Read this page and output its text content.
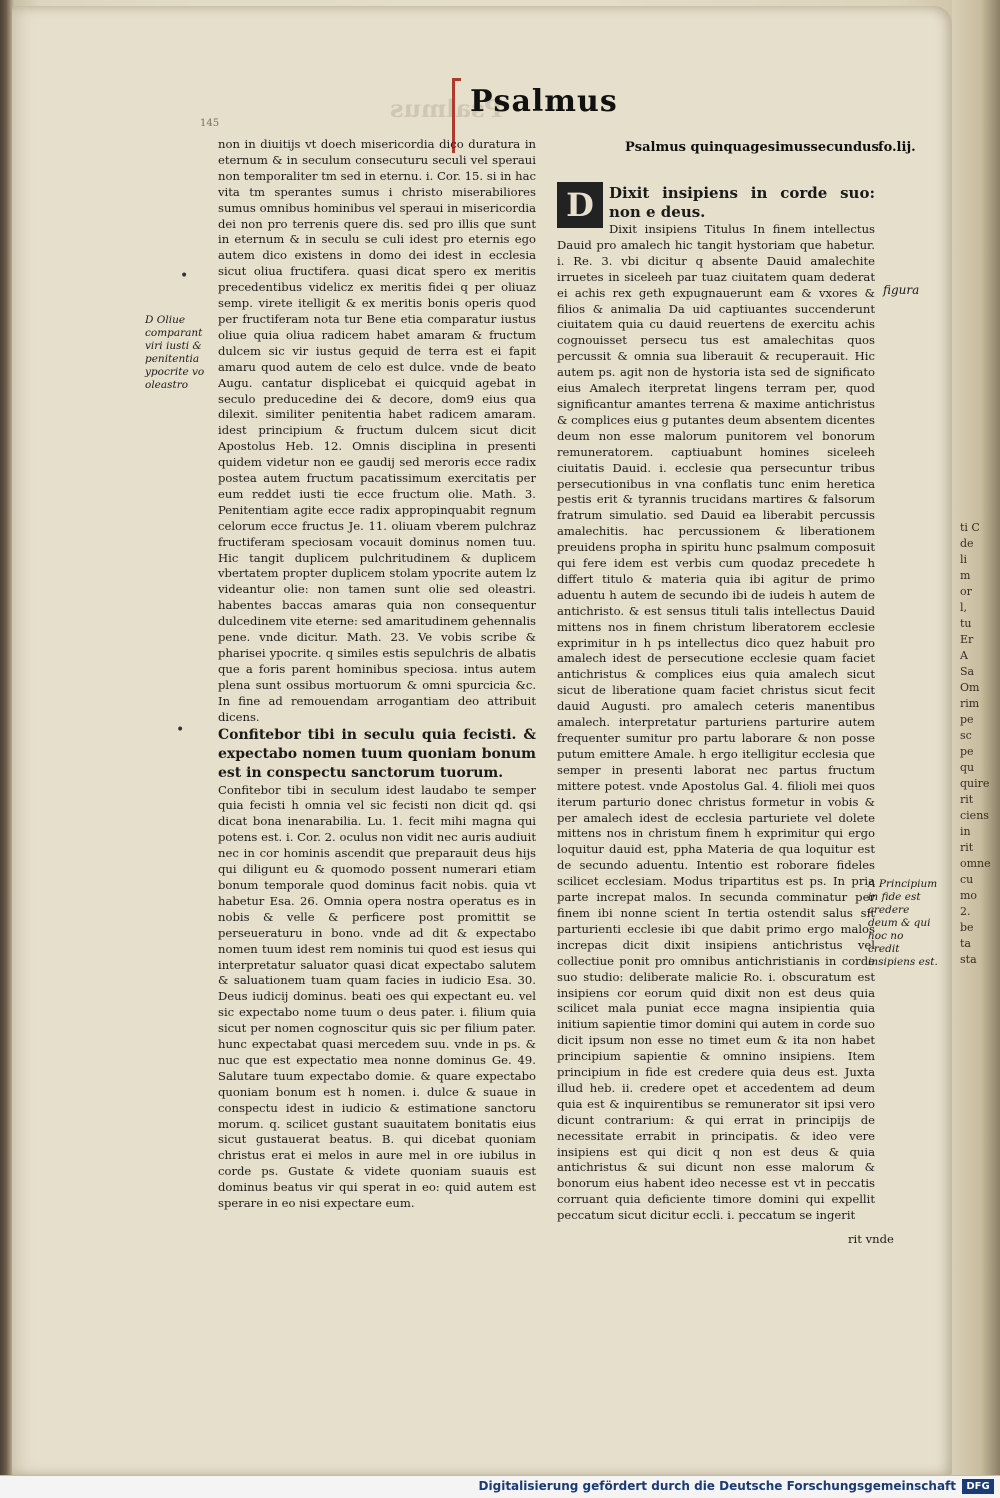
Psalmus
Psalmus
145
Psalmus quinquagesimussecundus fo.lij.

non in diuitijs vt doech misericordia dico duratura in eternum & in seculum consecuturu seculi vel speraui non temporaliter tm sed in eternu. i. Cor. 15. si in hac vita tm sperantes sumus i christo miserabiliores sumus omnibus hominibus vel speraui in misericordia dei non pro terrenis quere dis. sed pro illis que sunt in eternum & in seculu se culi idest pro eternis ego autem dico existens in domo dei idest in ecclesia sicut oliua fructifera. quasi dicat spero ex meritis precedentibus videlicz ex meritis fidei q per oliuaz semp. virete itelligit & ex meritis bonis operis quod per fructiferam nota tur Bene etia comparatur iustus oliue quia oliua radicem habet amaram & fructum dulcem sic vir iustus gequid de terra est ei fapit amaru quod autem de celo est dulce. vnde de beato Augu. cantatur displicebat ei quicquid agebat in seculo preducedine dei & decore, dom9 eius qua dilexit. similiter penitentia habet radicem amaram. idest principium & fructum dulcem sicut dicit Apostolus Heb. 12. Omnis disciplina in presenti quidem videtur non ee gaudij sed meroris ecce radix postea autem fructum pacatissimum exercitatis per eum reddet iusti tie ecce fructum olie. Math. 3. Penitentiam agite ecce radix appropinquabit regnum celorum ecce fructus Je. 11. oliuam vberem pulchraz fructiferam speciosam vocauit dominus nomen tuu. Hic tangit duplicem pulchritudinem & duplicem vbertatem propter duplicem stolam ypocrite autem lz videantur olie: non tamen sunt olie sed oleastri. habentes baccas amaras quia non consequentur dulcedinem vite eterne: sed amaritudinem gehennalis pene. vnde dicitur. Math. 23. Ve vobis scribe & pharisei ypocrite. q similes estis sepulchris de albatis que a foris parent hominibus speciosa. intus autem plena sunt ossibus mortuorum & omni spurcicia &c. In fine ad remouendam arrogantiam deo attribuit dicens.

Confitebor tibi in seculu quia fecisti. & expectabo nomen tuum quoniam bonum est in conspectu sanctorum tuorum.

Confitebor tibi in seculum idest laudabo te semper quia fecisti h omnia vel sic fecisti non dicit qd. qsi dicat bona inenarabilia. Lu. 1. fecit mihi magna qui potens est. i. Cor. 2. oculus non vidit nec auris audiuit nec in cor hominis ascendit que preparauit deus hijs qui diligunt eu & quomodo possent numerari etiam bonum temporale quod dominus facit nobis. quia vt habetur Esa. 26. Omnia opera nostra operatus es in nobis & velle & perficere post promittit se perseueraturu in bono. vnde ad dit & expectabo nomen tuum idest rem nominis tui quod est iesus qui interpretatur saluator quasi dicat expectabo salutem & saluationem tuam quam facies in iudicio Esa. 30. Deus iudicij dominus. beati oes qui expectant eu. vel sic expectabo nome tuum o deus pater. i. filium quia sicut per nomen cognoscitur quis sic per filium pater. hunc expectabat quasi mercedem suu. vnde in ps. & nuc que est expectatio mea nonne dominus Ge. 49. Salutare tuum expectabo domie. & quare expectabo quoniam bonum est h nomen. i. dulce & suaue in conspectu idest in iudicio & estimatione sanctoru morum. q. scilicet gustant suauitatem bonitatis eius sicut gustauerat beatus. B. qui dicebat quoniam christus erat ei melos in aure mel in ore iubilus in corde ps. Gustate & videte quoniam suauis est dominus beatus vir qui sperat in eo: quid autem est sperare in eo nisi expectare eum.

D	Dixit insipiens in corde suo: non e deus.

Dixit insipiens Titulus In finem intellectus Dauid pro amalech hic tangit hystoriam que habetur. i. Re. 3. vbi dicitur q absente Dauid amalechite irruetes in siceleeh par tuaz ciuitatem quam dederat ei achis rex geth expugnauerunt eam & vxores & filios & animalia Da uid captiuantes succenderunt ciuitatem quia cu dauid reuertens de exercitu achis cognouisset persecu tus est amalechitas quos percussit & omnia sua liberauit & recuperauit. Hic autem ps. agit non de hystoria ista sed de significato eius Amalech iterpretat lingens terram per, quod significantur amantes terrena & maxime antichristus & complices eius g putantes deum absentem dicentes deum non esse malorum punitorem vel bonorum remuneratorem. captiuabunt homines siceleeh ciuitatis Dauid. i. ecclesie qua persecuntur tribus persecutionibus in vna conflatis tunc enim heretica pestis erit & tyrannis trucidans martires & falsorum fratrum simulatio. sed Dauid ea liberabit percussis amalechitis. hac percussionem & liberationem preuidens propha in spiritu hunc psalmum composuit qui fere idem est verbis cum quodaz precedete h differt titulo & materia quia ibi agitur de primo aduentu h autem de secundo ibi de iudeis h autem de antichristo. & est sensus tituli talis intellectus Dauid mittens nos in finem christum liberatorem ecclesie exprimitur in h ps intellectus dico quez habuit pro amalech idest de persecutione ecclesie quam faciet antichristus & complices eius quia amalech sicut sicut de liberatione quam faciet christus sicut fecit dauid Augusti. pro amalech ceteris manentibus amalech. interpretatur parturiens parturire autem frequenter sumitur pro partu laborare & non posse putum emittere Amale. h ergo itelligitur ecclesia que semper in presenti laborat nec partus fructum mittere potest. vnde Apostolus Gal. 4. filioli mei quos iterum parturio donec christus formetur in vobis & per amalech idest de ecclesia parturiete vel dolete mittens nos in christum finem h exprimitur qui ergo loquitur dauid est, ppha Materia de qua loquitur est de secundo aduentu. Intentio est roborare fideles scilicet ecclesiam. Modus tripartitus est ps. In pria parte increpat malos. In secunda comminatur per finem ibi nonne scient In tertia ostendit salus sit parturienti ecclesie ibi que dabit primo ergo malos increpas dicit dixit insipiens antichristus vel collectiue ponit pro omnibus antichristianis in corde suo studio: deliberate malicie Ro. i. obscuratum est insipiens cor eorum quid dixit non est deus quia scilicet mala puniat ecce magna insipientia quia initium sapientie timor domini qui autem in corde suo dicit ipsum non esse no timet eum & ita non habet principium sapientie & omnino insipiens. Item principium in fide est credere quia deus est. Juxta illud heb. ii. credere opet et accedentem ad deum quia est & inquirentibus se remunerator sit ipsi vero dicunt contrarium: & qui errat in principijs de necessitate errabit in principatis. & ideo vere insipiens est qui dicit q non est deus & quia antichristus & sui dicunt non esse malorum & bonorum eius habent ideo necesse est vt in peccatis corruant quia deficiente timore domini qui expellit peccatum sicut dicitur eccli. i. peccatum se ingerit

D Oliue comparant viri iusti & penitentia ypocrite vo oleastro
figura
A Principium in fide est credere deum & qui hoc no credit insipiens est.
•
•
rit vnde
ti C
de
li
m
or
l,
tu
Er
A
Sa
Om
rim
pe
sc
pe
qu
quire
rit
ciens
in
rit
omne
cu
mo
2.
be
ta
sta
Digitalisierung gefördert durch die Deutsche Forschungsgemeinschaft	DFG
